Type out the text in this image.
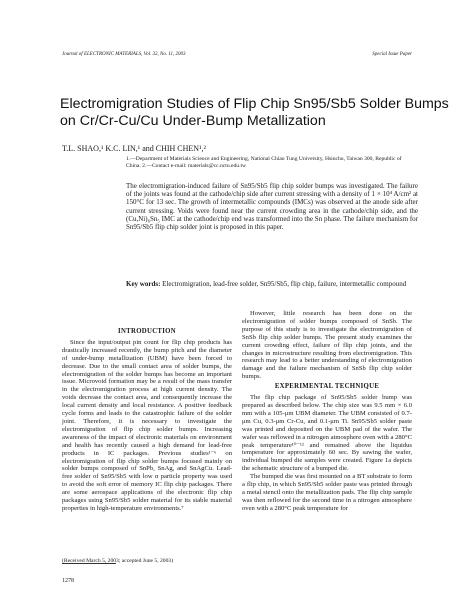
Journal of ELECTRONIC MATERIALS, Vol. 32, No. 11, 2003	Special Issue Paper
Electromigration Studies of Flip Chip Sn95/Sb5 Solder Bumps
on Cr/Cr-Cu/Cu Under-Bump Metallization
T.L. SHAO,¹ K.C. LIN,¹ and CHIH CHEN¹,²
1.—Department of Materials Science and Engineering, National Chiao Tung University, Hsinchu, Taiwan 300, Republic of China. 2.—Contact e-mail: materials@cc.nctu.edu.tw
The electromigration-induced failure of Sn95/Sb5 flip chip solder bumps was investigated. The failure of the joints was found at the cathode/chip side after current stressing with a density of 1 × 10⁴ A/cm² at 150°C for 13 sec. The growth of intermetallic compounds (IMCs) was observed at the anode side after current stressing. Voids were found near the current crowding area in the cathode/chip side, and the (Cu,Ni)₆Sn₅ IMC at the cathode/chip end was transformed into the Sn phase. The failure mechanism for Sn95/Sb5 flip chip solder joint is proposed in this paper.
Key words: Electromigration, lead-free solder, Sn95/Sb5, flip chip, failure, intermetallic compound
INTRODUCTION

Since the input/output pin count for flip chip products has drastically increased recently, the bump pitch and the diameter of under-bump metallization (UBM) have been forced to decrease. Due to the small contact area of solder bumps, the electromigration of the solder bumps has become an important issue. Microvoid formation may be a result of the mass transfer in the electromigration process at high current density. The voids decrease the contact area, and consequently increase the local current density and local resistance. A positive feedback cycle forms and leads to the catastrophic failure of the solder joint. Therefore, it is necessary to investigate the electromigration of flip chip solder bumps. Increasing awareness of the impact of electronic materials on environment and health has recently caused a high demand for lead-free products in IC packages. Previous studies¹⁻⁶ on electromigration of flip chip solder bumps focused mainly on solder bumps composed of SnPb, SnAg, and SnAgCu. Lead-free solder of Sn95/Sb5 with low α particle property was used to avoid the soft error of memory IC flip chip packages. There are some aerospace applications of the electronic flip chip packages using Sn95/Sb5 solder material for its stable material properties in high-temperature environments.⁷

However, little research has been done on the electromigration of solder bumps composed of SnSb. The purpose of this study is to investigate the electromigration of SnSb flip chip solder bumps. The present study examines the current crowding effect, failure of flip chip joints, and the changes in microstructure resulting from electromigration. This research may lead to a better understanding of electromigration damage and the failure mechanism of SnSb flip chip solder bumps.

EXPERIMENTAL TECHNIQUE

The flip chip package of Sn95/Sb5 solder bump was prepared as described below. The chip size was 9.5 mm × 6.0 mm with a 105-μm UBM diameter. The UBM consisted of 0.7-μm Cu, 0.3-μm Cr-Cu, and 0.1-μm Ti. Sn95/Sb5 solder paste was printed and deposited on the UBM pad of the wafer. The wafer was reflowed in a nitrogen atmosphere oven with a 280°C peak temperature¹⁰⁻¹² and remained above the liquidus temperature for approximately 60 sec. By sawing the wafer, individual bumped die samples were created. Figure 1a depicts the schematic structure of a bumped die.

The bumped die was first mounted on a BT substrate to form a flip chip, in which Sn95/Sb5 solder paste was printed through a metal stencil onto the metallization pads. The flip chip sample was then reflowed for the second time in a nitrogen atmosphere oven with a 280°C peak temperature for

(Received March 5, 2003; accepted June 5, 2003)
1278
